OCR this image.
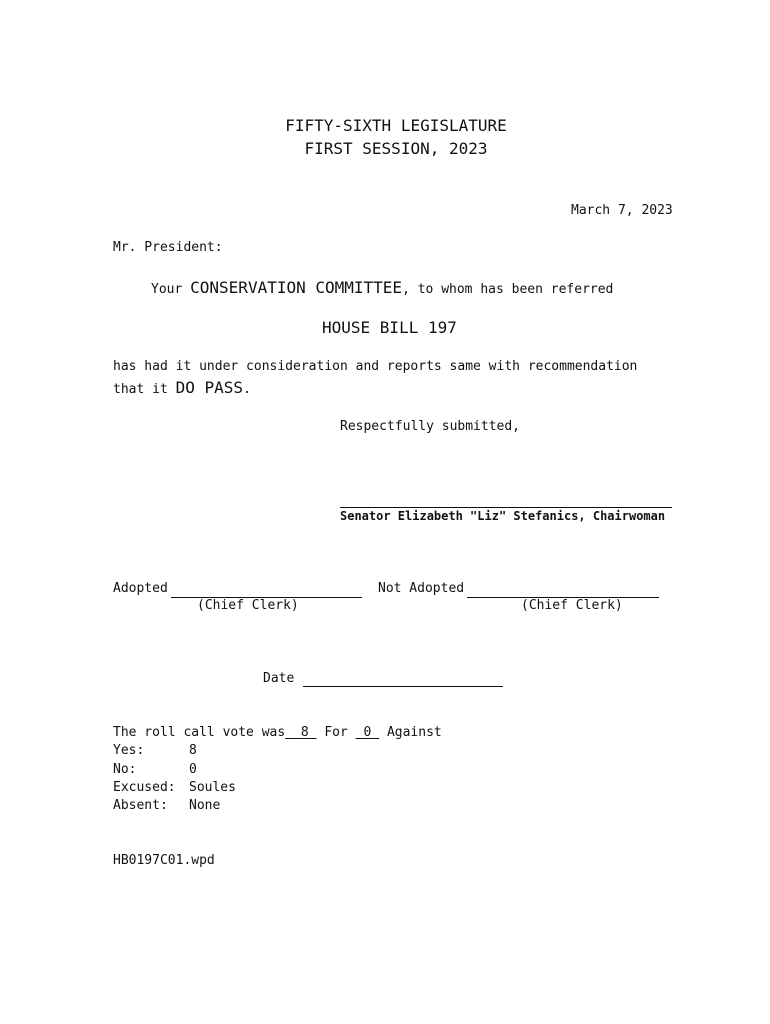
FIFTY-SIXTH LEGISLATURE
FIRST SESSION, 2023
March 7, 2023
Mr. President:
Your CONSERVATION COMMITTEE, to whom has been referred
HOUSE BILL 197
has had it under consideration and reports same with recommendation
that it DO PASS.
Respectfully submitted,
Senator Elizabeth "Liz" Stefanics, Chairwoman
Adopted	Not Adopted
(Chief Clerk)	(Chief Clerk)
Date
The roll call vote was 8 For 0 Against
Yes:	8
No:	0
Excused: Soules
Absent: None
HB0197C01.wpd
